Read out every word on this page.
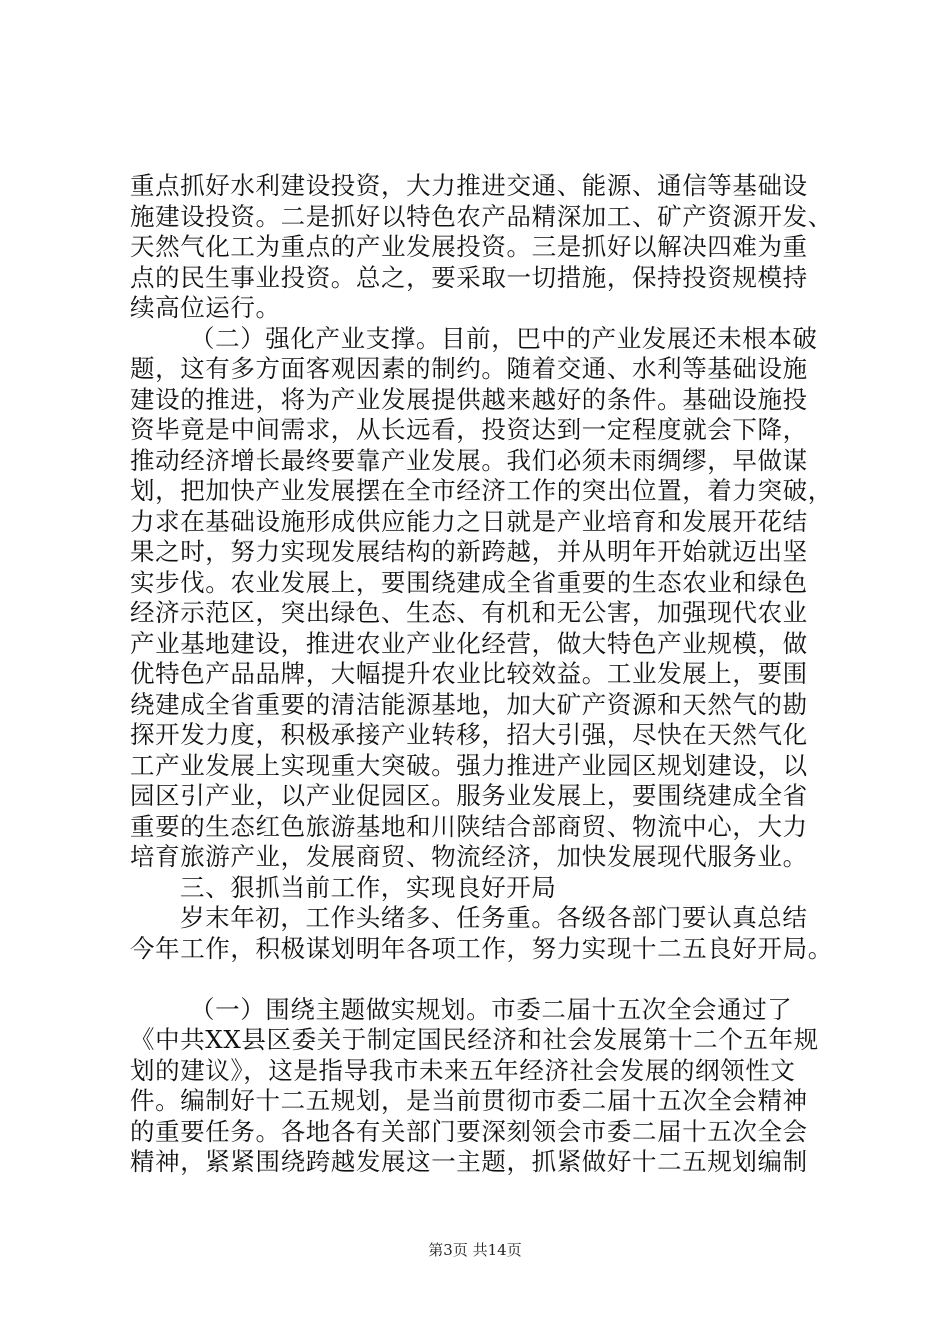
重点抓好水利建设投资，大力推进交通、能源、通信等基础设
施建设投资。二是抓好以特色农产品精深加工、矿产资源开发、
天然气化工为重点的产业发展投资。三是抓好以解决四难为重
点的民生事业投资。总之，要采取一切措施，保持投资规模持
续高位运行。
（二）强化产业支撑。目前，巴中的产业发展还未根本破
题，这有多方面客观因素的制约。随着交通、水利等基础设施
建设的推进，将为产业发展提供越来越好的条件。基础设施投
资毕竟是中间需求，从长远看，投资达到一定程度就会下降，
推动经济增长最终要靠产业发展。我们必须未雨绸缪，早做谋
划，把加快产业发展摆在全市经济工作的突出位置，着力突破，
力求在基础设施形成供应能力之日就是产业培育和发展开花结
果之时，努力实现发展结构的新跨越，并从明年开始就迈出坚
实步伐。农业发展上，要围绕建成全省重要的生态农业和绿色
经济示范区，突出绿色、生态、有机和无公害，加强现代农业
产业基地建设，推进农业产业化经营，做大特色产业规模，做
优特色产品品牌，大幅提升农业比较效益。工业发展上，要围
绕建成全省重要的清洁能源基地，加大矿产资源和天然气的勘
探开发力度，积极承接产业转移，招大引强，尽快在天然气化
工产业发展上实现重大突破。强力推进产业园区规划建设，以
园区引产业，以产业促园区。服务业发展上，要围绕建成全省
重要的生态红色旅游基地和川陕结合部商贸、物流中心，大力
培育旅游产业，发展商贸、物流经济，加快发展现代服务业。
三、狠抓当前工作，实现良好开局
岁末年初，工作头绪多、任务重。各级各部门要认真总结
今年工作，积极谋划明年各项工作，努力实现十二五良好开局。
（一）围绕主题做实规划。市委二届十五次全会通过了
《中共XX县区委关于制定国民经济和社会发展第十二个五年规
划的建议》，这是指导我市未来五年经济社会发展的纲领性文
件。编制好十二五规划，是当前贯彻市委二届十五次全会精神
的重要任务。各地各有关部门要深刻领会市委二届十五次全会
精神，紧紧围绕跨越发展这一主题，抓紧做好十二五规划编制
第3页 共14页
